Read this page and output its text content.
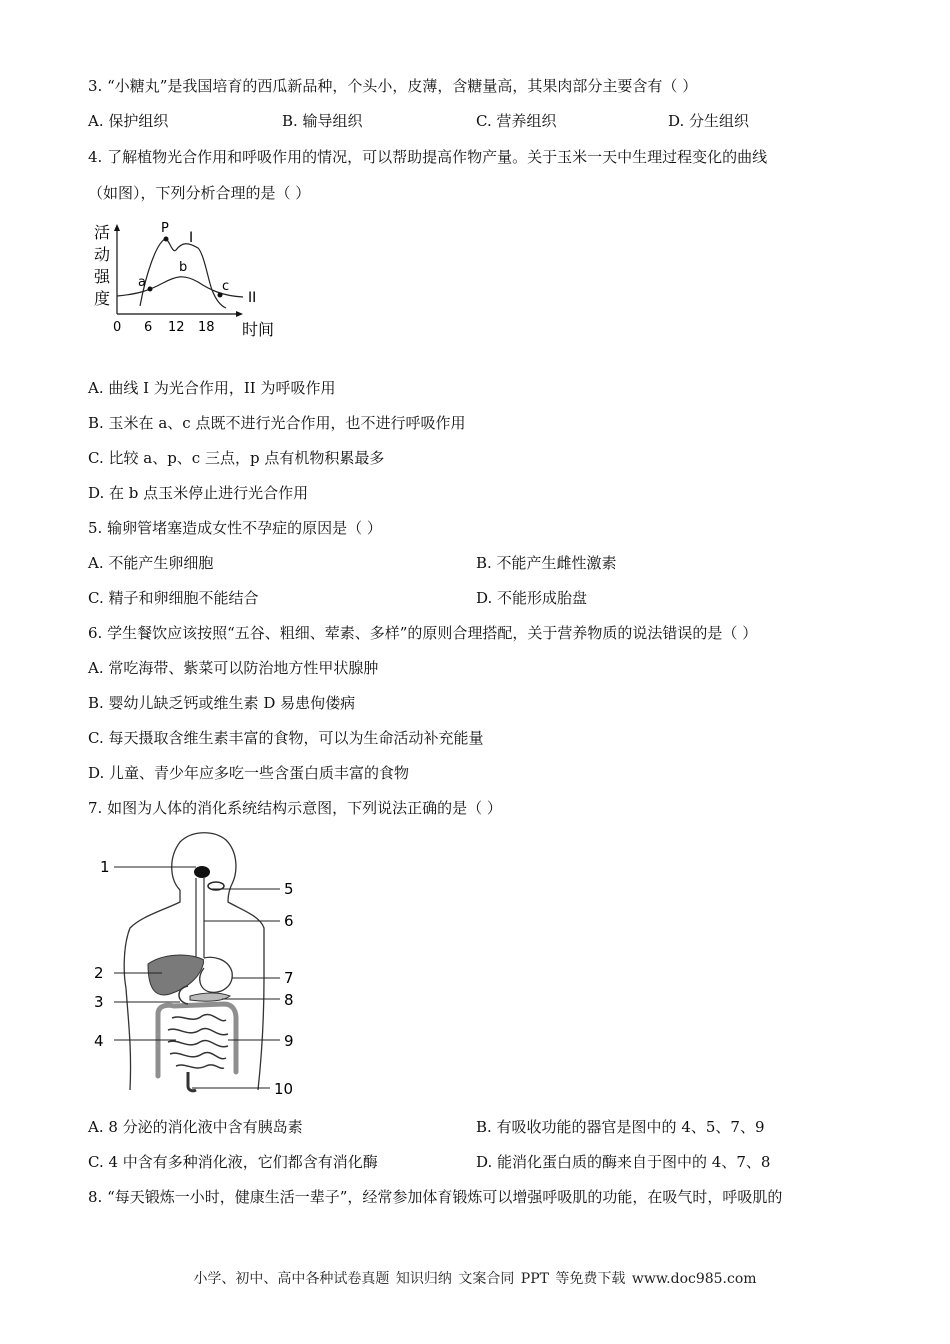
3. “小糖丸”是我国培育的西瓜新品种，个头小，皮薄，含糖量高，其果肉部分主要含有（ ）
A. 保护组织	B. 输导组织	C. 营养组织	D. 分生组织
4. 了解植物光合作用和呼吸作用的情况，可以帮助提高作物产量。关于玉米一天中生理过程变化的曲线
（如图），下列分析合理的是（ ）
活
动
强
度
0 6 12 18 时间
a
P
b
c
I
II
A. 曲线 I 为光合作用，II 为呼吸作用
B. 玉米在 a、c 点既不进行光合作用，也不进行呼吸作用
C. 比较 a、p、c 三点，p 点有机物积累最多
D. 在 b 点玉米停止进行光合作用
5. 输卵管堵塞造成女性不孕症的原因是（ ）
A. 不能产生卵细胞	B. 不能产生雌性激素
C. 精子和卵细胞不能结合	D. 不能形成胎盘
6. 学生餐饮应该按照“五谷、粗细、荤素、多样”的原则合理搭配，关于营养物质的说法错误的是（ ）
A. 常吃海带、紫菜可以防治地方性甲状腺肿
B. 婴幼儿缺乏钙或维生素 D 易患佝偻病
C. 每天摄取含维生素丰富的食物，可以为生命活动补充能量
D. 儿童、青少年应多吃一些含蛋白质丰富的食物
7. 如图为人体的消化系统结构示意图，下列说法正确的是（ ）
1
2
3
4
5
6
7
8
9
10
A. 8 分泌的消化液中含有胰岛素	B. 有吸收功能的器官是图中的 4、5、7、9
C. 4 中含有多种消化液，它们都含有消化酶	D. 能消化蛋白质的酶来自于图中的 4、7、8
8. “每天锻炼一小时，健康生活一辈子”，经常参加体育锻炼可以增强呼吸肌的功能，在吸气时，呼吸肌的
小学、初中、高中各种试卷真题 知识归纳 文案合同 PPT 等免费下载 www.doc985.com
